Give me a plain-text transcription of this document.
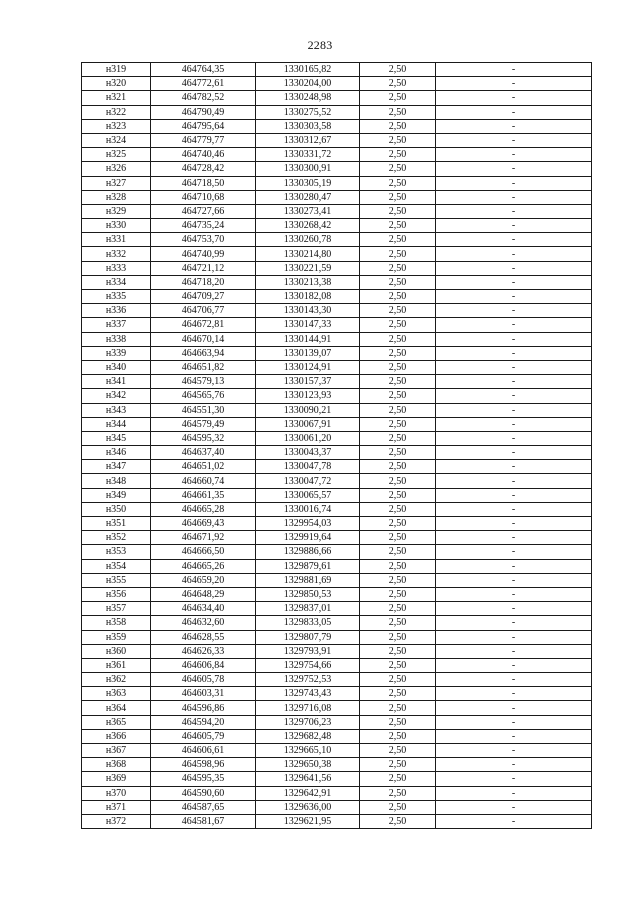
2283
н319	464764,35	1330165,82	2,50	-
н320	464772,61	1330204,00	2,50	-
н321	464782,52	1330248,98	2,50	-
н322	464790,49	1330275,52	2,50	-
н323	464795,64	1330303,58	2,50	-
н324	464779,77	1330312,67	2,50	-
н325	464740,46	1330331,72	2,50	-
н326	464728,42	1330300,91	2,50	-
н327	464718,50	1330305,19	2,50	-
н328	464710,68	1330280,47	2,50	-
н329	464727,66	1330273,41	2,50	-
н330	464735,24	1330268,42	2,50	-
н331	464753,70	1330260,78	2,50	-
н332	464740,99	1330214,80	2,50	-
н333	464721,12	1330221,59	2,50	-
н334	464718,20	1330213,38	2,50	-
н335	464709,27	1330182,08	2,50	-
н336	464706,77	1330143,30	2,50	-
н337	464672,81	1330147,33	2,50	-
н338	464670,14	1330144,91	2,50	-
н339	464663,94	1330139,07	2,50	-
н340	464651,82	1330124,91	2,50	-
н341	464579,13	1330157,37	2,50	-
н342	464565,76	1330123,93	2,50	-
н343	464551,30	1330090,21	2,50	-
н344	464579,49	1330067,91	2,50	-
н345	464595,32	1330061,20	2,50	-
н346	464637,40	1330043,37	2,50	-
н347	464651,02	1330047,78	2,50	-
н348	464660,74	1330047,72	2,50	-
н349	464661,35	1330065,57	2,50	-
н350	464665,28	1330016,74	2,50	-
н351	464669,43	1329954,03	2,50	-
н352	464671,92	1329919,64	2,50	-
н353	464666,50	1329886,66	2,50	-
н354	464665,26	1329879,61	2,50	-
н355	464659,20	1329881,69	2,50	-
н356	464648,29	1329850,53	2,50	-
н357	464634,40	1329837,01	2,50	-
н358	464632,60	1329833,05	2,50	-
н359	464628,55	1329807,79	2,50	-
н360	464626,33	1329793,91	2,50	-
н361	464606,84	1329754,66	2,50	-
н362	464605,78	1329752,53	2,50	-
н363	464603,31	1329743,43	2,50	-
н364	464596,86	1329716,08	2,50	-
н365	464594,20	1329706,23	2,50	-
н366	464605,79	1329682,48	2,50	-
н367	464606,61	1329665,10	2,50	-
н368	464598,96	1329650,38	2,50	-
н369	464595,35	1329641,56	2,50	-
н370	464590,60	1329642,91	2,50	-
н371	464587,65	1329636,00	2,50	-
н372	464581,67	1329621,95	2,50	-
